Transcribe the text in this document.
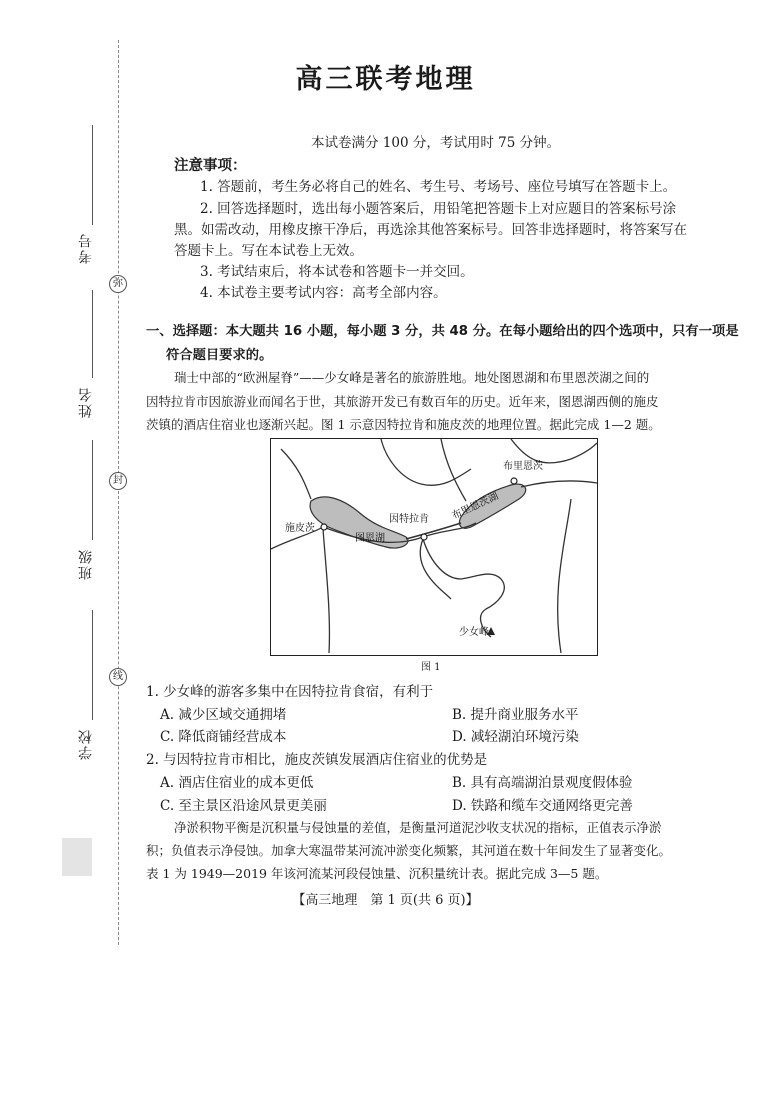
考号
姓名
班级
学校
弥
封
线
高三联考地理
本试卷满分 100 分，考试用时 75 分钟。
注意事项：
1. 答题前，考生务必将自己的姓名、考生号、考场号、座位号填写在答题卡上。
2. 回答选择题时，选出每小题答案后，用铅笔把答题卡上对应题目的答案标号涂
黑。如需改动，用橡皮擦干净后，再选涂其他答案标号。回答非选择题时，将答案写在
答题卡上。写在本试卷上无效。
3. 考试结束后，将本试卷和答题卡一并交回。
4. 本试卷主要考试内容：高考全部内容。
一、选择题：本大题共 16 小题，每小题 3 分，共 48 分。在每小题给出的四个选项中，只有一项是
符合题目要求的。
瑞士中部的“欧洲屋脊”——少女峰是著名的旅游胜地。地处图恩湖和布里恩茨湖之间的
因特拉肯市因旅游业而闻名于世，其旅游开发已有数百年的历史。近年来，图恩湖西侧的施皮
茨镇的酒店住宿业也逐渐兴起。图 1 示意因特拉肯和施皮茨的地理位置。据此完成 1—2 题。
布里恩茨
因特拉肯
施皮茨
图恩湖
布里恩茨湖
少女峰
图 1
1. 少女峰的游客多集中在因特拉肯食宿，有利于
A. 减少区域交通拥堵	B. 提升商业服务水平
C. 降低商铺经营成本	D. 减轻湖泊环境污染
2. 与因特拉肯市相比，施皮茨镇发展酒店住宿业的优势是
A. 酒店住宿业的成本更低	B. 具有高端湖泊景观度假体验
C. 至主景区沿途风景更美丽	D. 铁路和缆车交通网络更完善
净淤积物平衡是沉积量与侵蚀量的差值，是衡量河道泥沙收支状况的指标，正值表示净淤
积；负值表示净侵蚀。加拿大寒温带某河流冲淤变化频繁，其河道在数十年间发生了显著变化。
表 1 为 1949—2019 年该河流某河段侵蚀量、沉积量统计表。据此完成 3—5 题。
【高三地理　第 1 页(共 6 页)】
